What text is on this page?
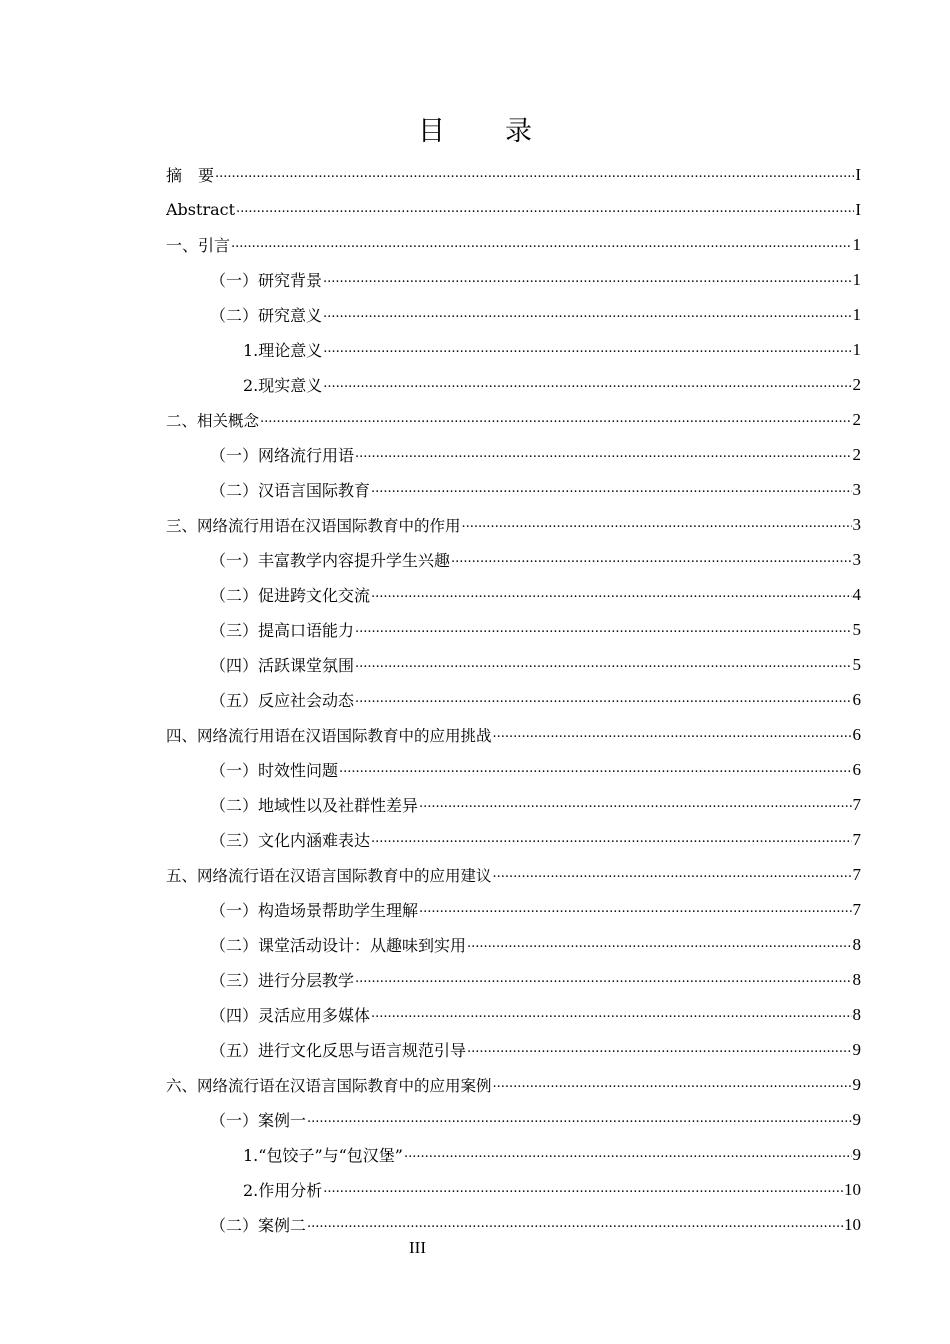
目录
摘　要 .....	I
Abstract .....	I
一、引言 .....	1
（一）研究背景 .....	1
（二）研究意义 .....	1
1.理论意义 .....	1
2.现实意义 .....	2
二、相关概念 .....	2
（一）网络流行用语 .....	2
（二）汉语言国际教育 .....	3
三、网络流行用语在汉语国际教育中的作用 .....	3
（一）丰富教学内容提升学生兴趣 .....	3
（二）促进跨文化交流 .....	4
（三）提高口语能力 .....	5
（四）活跃课堂氛围 .....	5
（五）反应社会动态 .....	6
四、网络流行用语在汉语国际教育中的应用挑战 .....	6
（一）时效性问题 .....	6
（二）地域性以及社群性差异 .....	7
（三）文化内涵难表达 .....	7
五、网络流行语在汉语言国际教育中的应用建议 .....	7
（一）构造场景帮助学生理解 .....	7
（二）课堂活动设计：从趣味到实用 .....	8
（三）进行分层教学 .....	8
（四）灵活应用多媒体 .....	8
（五）进行文化反思与语言规范引导 .....	9
六、网络流行语在汉语言国际教育中的应用案例 .....	9
（一）案例一 .....	9
1.“包饺子”与“包汉堡” .....	9
2.作用分析 .....	10
（二）案例二 .....	10
III
